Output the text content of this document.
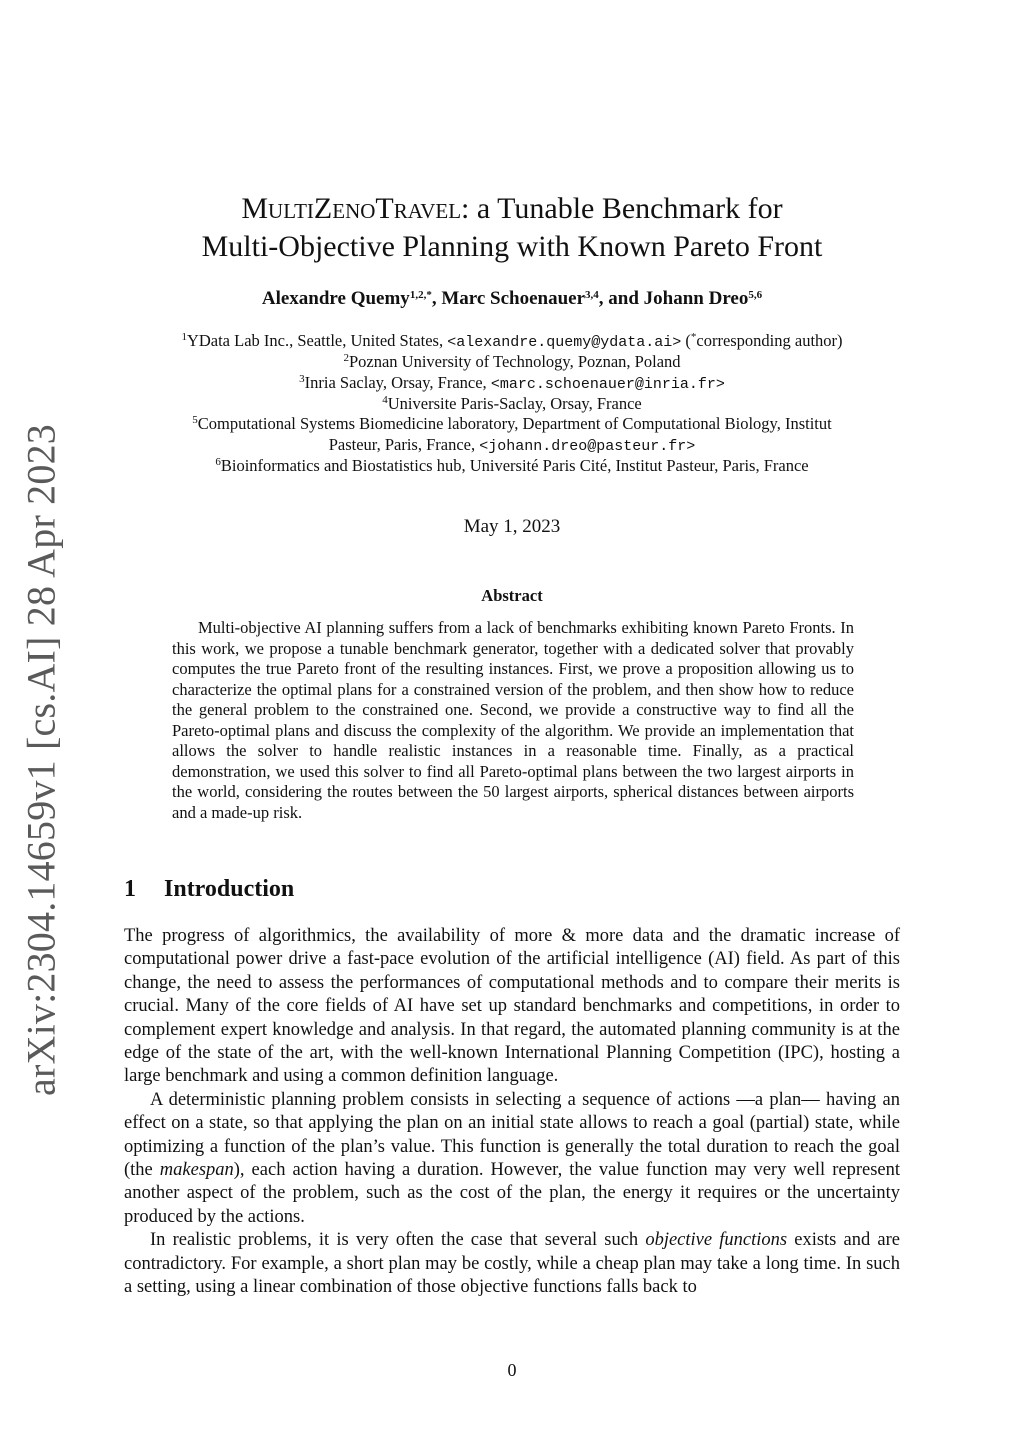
arXiv:2304.14659v1 [cs.AI] 28 Apr 2023
MultiZenoTravel: a Tunable Benchmark for
Multi-Objective Planning with Known Pareto Front
Alexandre Quemy$^{1,2,*}$, Marc Schoenauer$^{3,4}$, and Johann Dreo$^{5,6}$
$^1$YData Lab Inc., Seattle, United States, <alexandre.quemy@ydata.ai> (*corresponding author)
$^2$Poznan University of Technology, Poznan, Poland
$^3$Inria Saclay, Orsay, France, <marc.schoenauer@inria.fr>
$^4$Universite Paris-Saclay, Orsay, France
$^5$Computational Systems Biomedicine laboratory, Department of Computational Biology, Institut
Pasteur, Paris, France, <johann.dreo@pasteur.fr>
$^6$Bioinformatics and Biostatistics hub, Université Paris Cité, Institut Pasteur, Paris, France
May 1, 2023
Abstract
Multi-objective AI planning suffers from a lack of benchmarks exhibiting known Pareto Fronts. In this work, we propose a tunable benchmark generator, together with a dedicated solver that provably computes the true Pareto front of the resulting instances. First, we prove a proposition allowing us to characterize the optimal plans for a constrained version of the problem, and then show how to reduce the general problem to the constrained one. Second, we provide a constructive way to find all the Pareto-optimal plans and discuss the complexity of the algorithm. We provide an implementation that allows the solver to handle realistic instances in a reasonable time. Finally, as a practical demonstration, we used this solver to find all Pareto-optimal plans between the two largest airports in the world, considering the routes between the 50 largest airports, spherical distances between airports and a made-up risk.
1 Introduction

The progress of algorithmics, the availability of more & more data and the dramatic increase of computational power drive a fast-pace evolution of the artificial intelligence (AI) field. As part of this change, the need to assess the performances of computational methods and to compare their merits is crucial. Many of the core fields of AI have set up standard benchmarks and competitions, in order to complement expert knowledge and analysis. In that regard, the automated planning community is at the edge of the state of the art, with the well-known International Planning Competition (IPC), hosting a large benchmark and using a common definition language.

A deterministic planning problem consists in selecting a sequence of actions —a plan— having an effect on a state, so that applying the plan on an initial state allows to reach a goal (partial) state, while optimizing a function of the plan’s value. This function is generally the total duration to reach the goal (the makespan), each action having a duration. However, the value function may very well represent another aspect of the problem, such as the cost of the plan, the energy it requires or the uncertainty produced by the actions.

In realistic problems, it is very often the case that several such objective functions exists and are contradictory. For example, a short plan may be costly, while a cheap plan may take a long time. In such a setting, using a linear combination of those objective functions falls back to

0
